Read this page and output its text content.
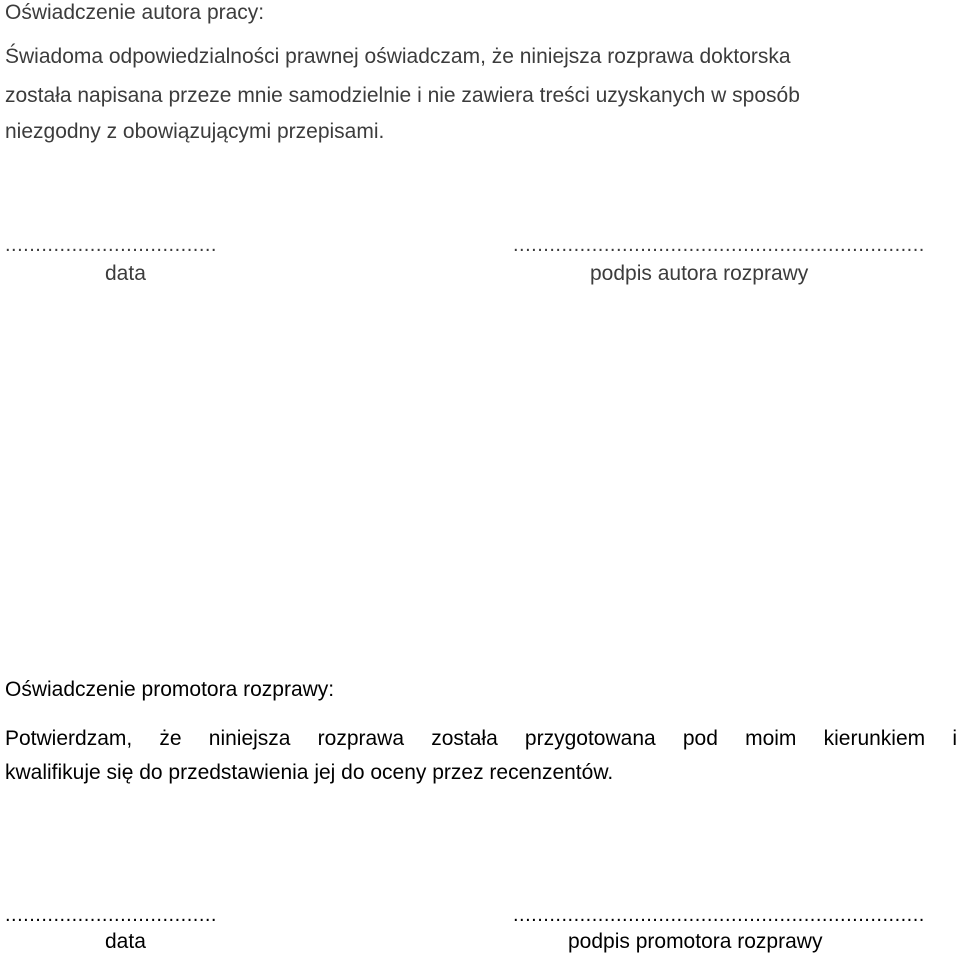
Oświadczenie autora pracy:
Świadoma odpowiedzialności prawnej oświadczam, że niniejsza rozprawa doktorska
została napisana przeze mnie samodzielnie i nie zawiera treści uzyskanych w sposób
niezgodny z obowiązującymi przepisami.
...................................	....................................................................
data	podpis autora rozprawy
Oświadczenie promotora rozprawy:
Potwierdzam, że niniejsza rozprawa została przygotowana pod moim kierunkiem i
kwalifikuje się do przedstawienia jej do oceny przez recenzentów.
...................................	....................................................................
data	podpis promotora rozprawy
